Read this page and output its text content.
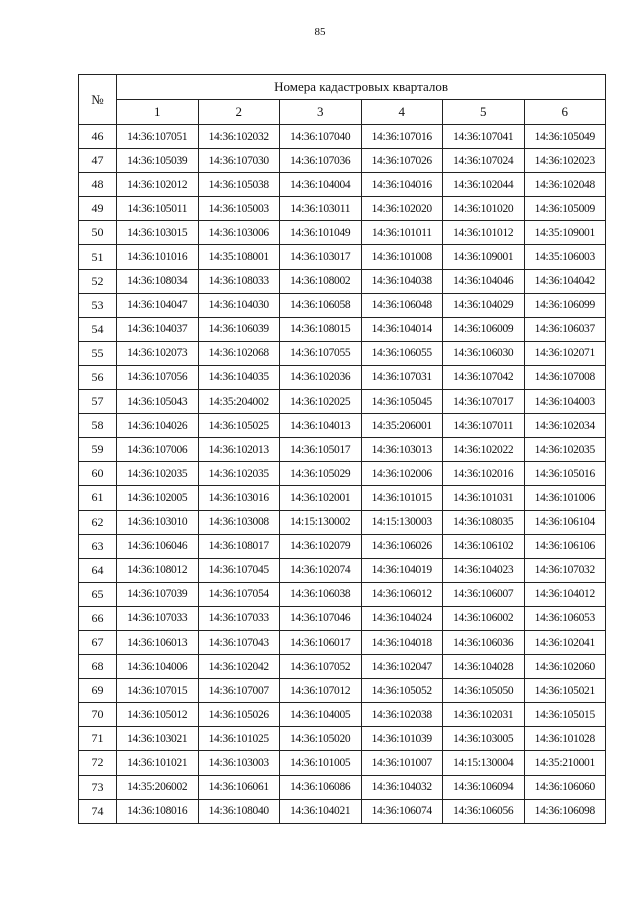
85
№	Номера кадастровых кварталов					
	1	2	3	4	5	6
46	14:36:107051	14:36:102032	14:36:107040	14:36:107016	14:36:107041	14:36:105049
47	14:36:105039	14:36:107030	14:36:107036	14:36:107026	14:36:107024	14:36:102023
48	14:36:102012	14:36:105038	14:36:104004	14:36:104016	14:36:102044	14:36:102048
49	14:36:105011	14:36:105003	14:36:103011	14:36:102020	14:36:101020	14:36:105009
50	14:36:103015	14:36:103006	14:36:101049	14:36:101011	14:36:101012	14:35:109001
51	14:36:101016	14:35:108001	14:36:103017	14:36:101008	14:36:109001	14:35:106003
52	14:36:108034	14:36:108033	14:36:108002	14:36:104038	14:36:104046	14:36:104042
53	14:36:104047	14:36:104030	14:36:106058	14:36:106048	14:36:104029	14:36:106099
54	14:36:104037	14:36:106039	14:36:108015	14:36:104014	14:36:106009	14:36:106037
55	14:36:102073	14:36:102068	14:36:107055	14:36:106055	14:36:106030	14:36:102071
56	14:36:107056	14:36:104035	14:36:102036	14:36:107031	14:36:107042	14:36:107008
57	14:36:105043	14:35:204002	14:36:102025	14:36:105045	14:36:107017	14:36:104003
58	14:36:104026	14:36:105025	14:36:104013	14:35:206001	14:36:107011	14:36:102034
59	14:36:107006	14:36:102013	14:36:105017	14:36:103013	14:36:102022	14:36:102035
60	14:36:102035	14:36:102035	14:36:105029	14:36:102006	14:36:102016	14:36:105016
61	14:36:102005	14:36:103016	14:36:102001	14:36:101015	14:36:101031	14:36:101006
62	14:36:103010	14:36:103008	14:15:130002	14:15:130003	14:36:108035	14:36:106104
63	14:36:106046	14:36:108017	14:36:102079	14:36:106026	14:36:106102	14:36:106106
64	14:36:108012	14:36:107045	14:36:102074	14:36:104019	14:36:104023	14:36:107032
65	14:36:107039	14:36:107054	14:36:106038	14:36:106012	14:36:106007	14:36:104012
66	14:36:107033	14:36:107033	14:36:107046	14:36:104024	14:36:106002	14:36:106053
67	14:36:106013	14:36:107043	14:36:106017	14:36:104018	14:36:106036	14:36:102041
68	14:36:104006	14:36:102042	14:36:107052	14:36:102047	14:36:104028	14:36:102060
69	14:36:107015	14:36:107007	14:36:107012	14:36:105052	14:36:105050	14:36:105021
70	14:36:105012	14:36:105026	14:36:104005	14:36:102038	14:36:102031	14:36:105015
71	14:36:103021	14:36:101025	14:36:105020	14:36:101039	14:36:103005	14:36:101028
72	14:36:101021	14:36:103003	14:36:101005	14:36:101007	14:15:130004	14:35:210001
73	14:35:206002	14:36:106061	14:36:106086	14:36:104032	14:36:106094	14:36:106060
74	14:36:108016	14:36:108040	14:36:104021	14:36:106074	14:36:106056	14:36:106098
